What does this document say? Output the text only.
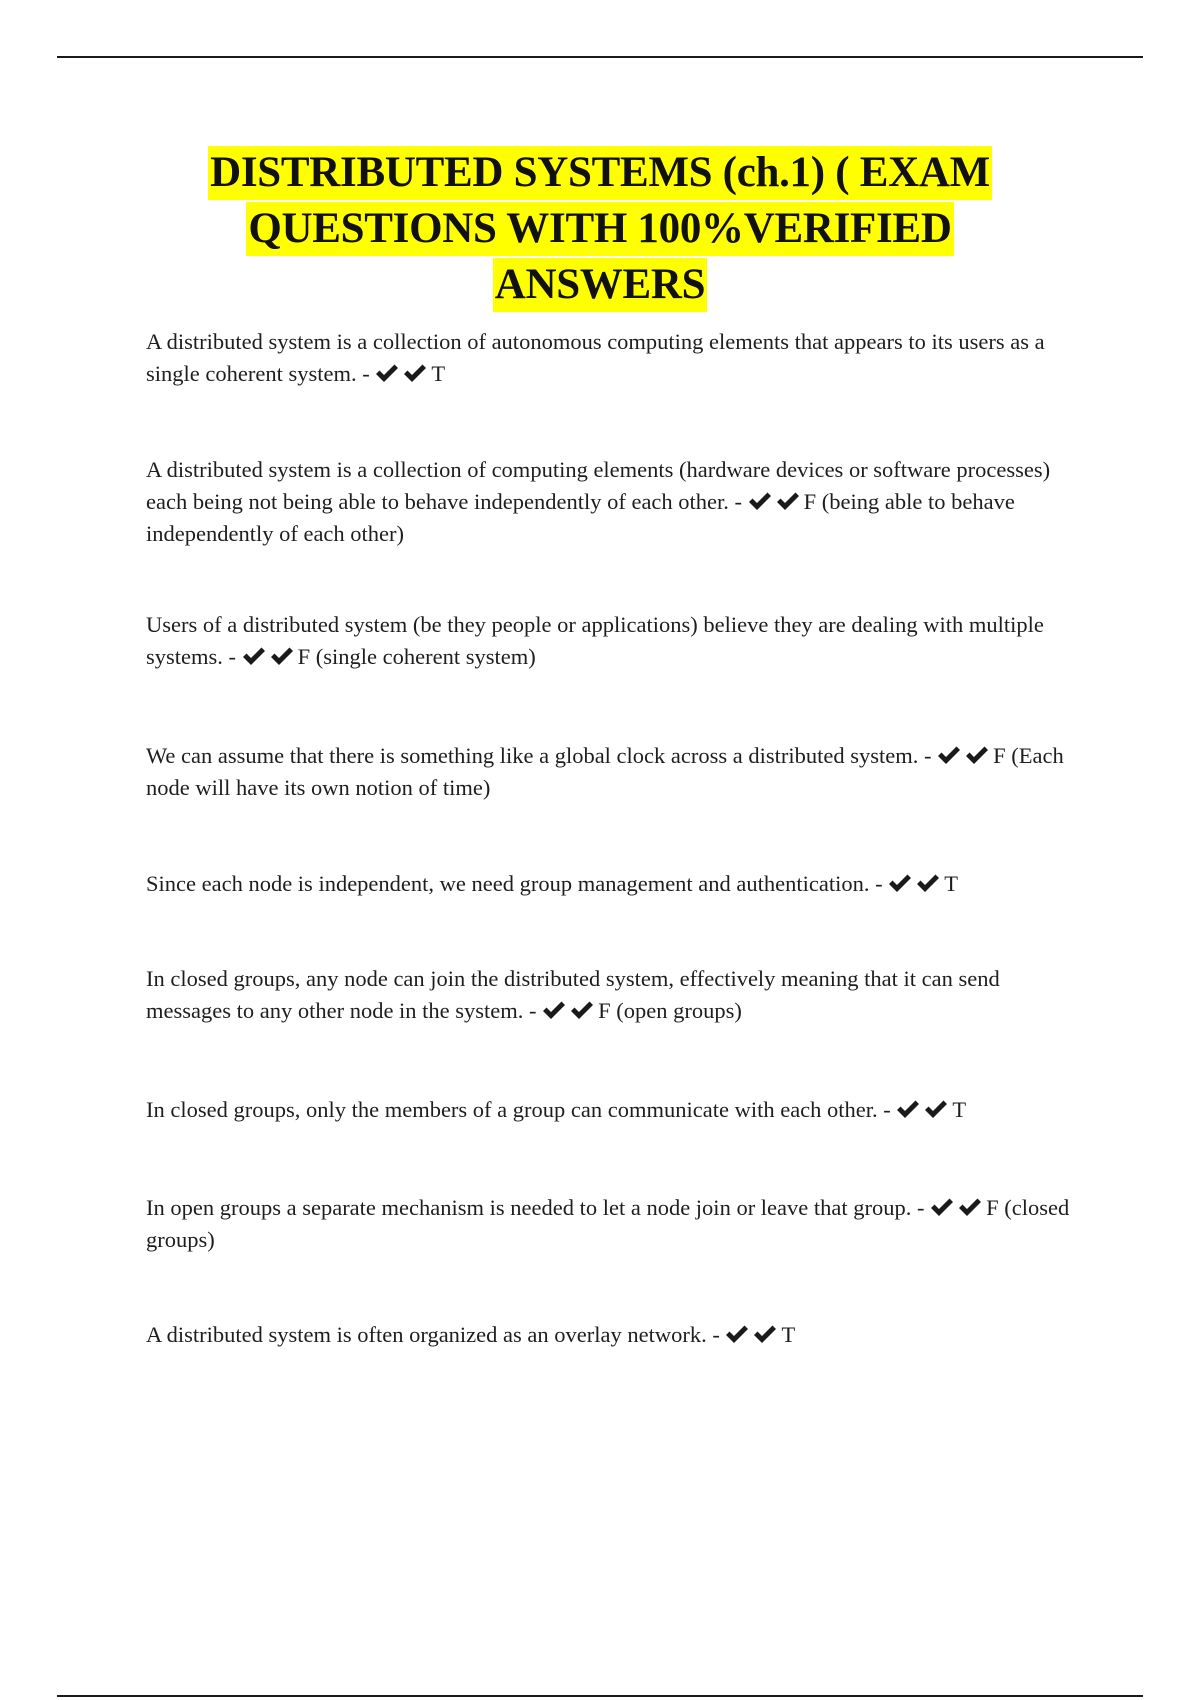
DISTRIBUTED SYSTEMS (ch.1) ( EXAM
QUESTIONS WITH 100%VERIFIED
ANSWERS
A distributed system is a collection of autonomous computing elements that appears to its users as a single coherent system. -	T
A distributed system is a collection of computing elements (hardware devices or software processes) each being not being able to behave independently of each other. -	F (being able to behave independently of each other)
Users of a distributed system (be they people or applications) believe they are dealing with multiple systems. -	F (single coherent system)
We can assume that there is something like a global clock across a distributed system. -	F (Each node will have its own notion of time)
Since each node is independent, we need group management and authentication. -	T
In closed groups, any node can join the distributed system, effectively meaning that it can send messages to any other node in the system. -	F (open groups)
In closed groups, only the members of a group can communicate with each other. -	T
In open groups a separate mechanism is needed to let a node join or leave that group. -	F (closed groups)
A distributed system is often organized as an overlay network. -	T
